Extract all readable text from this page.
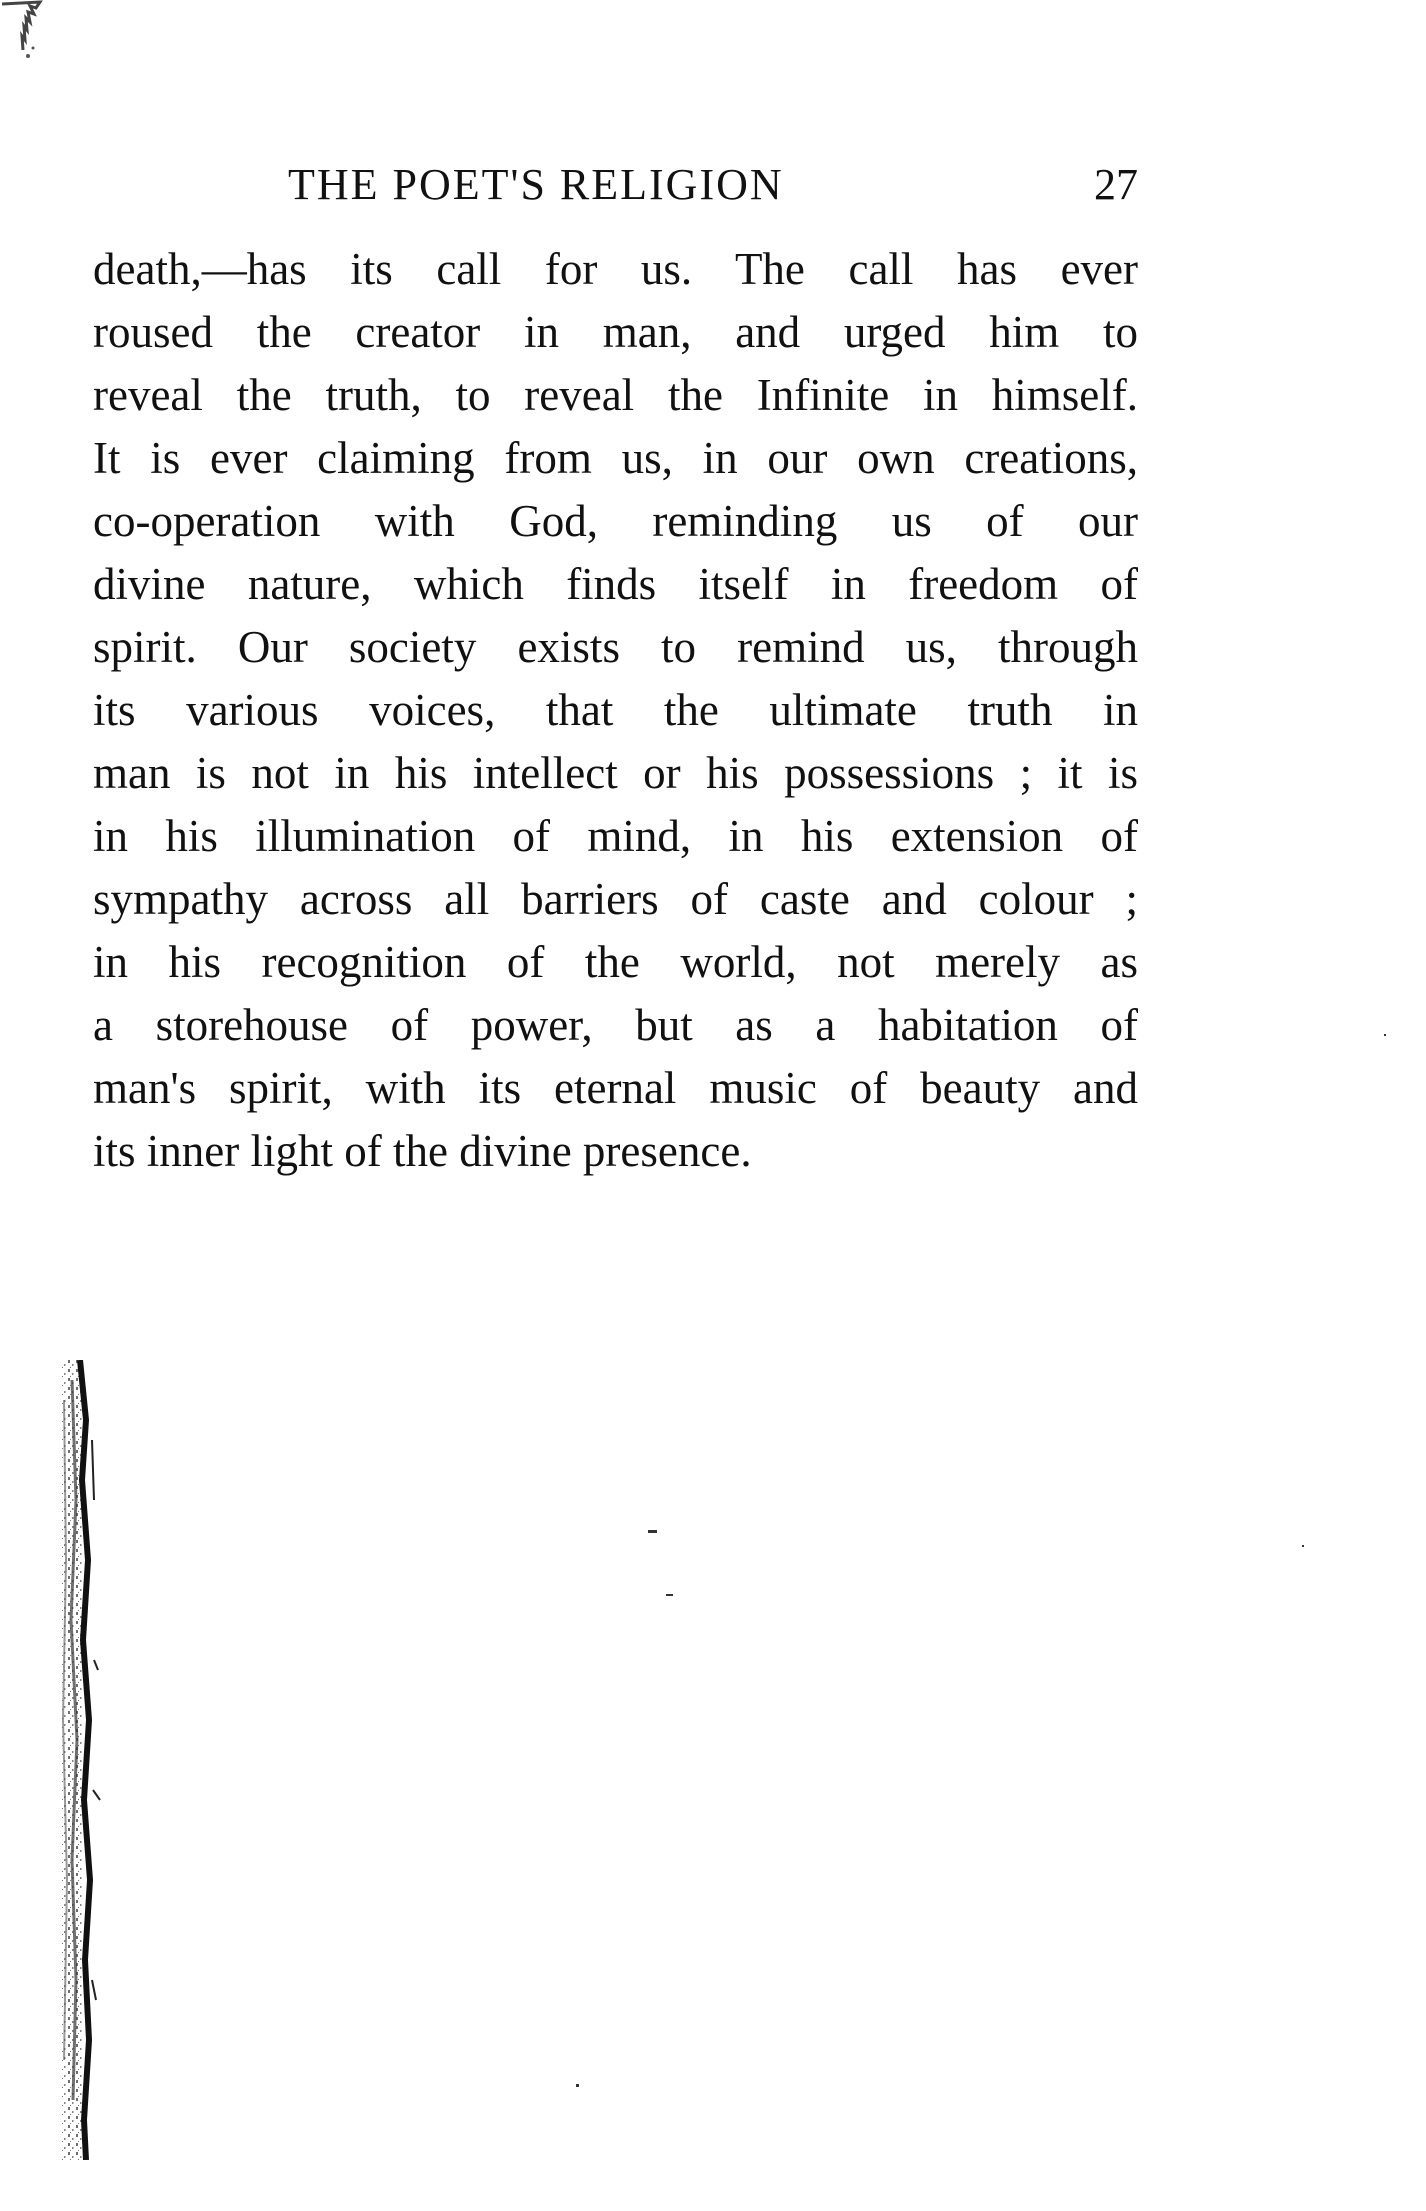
THE POET'S RELIGION	27
death,—has its call for us. The call has ever
roused the creator in man, and urged him to
reveal the truth, to reveal the Infinite in himself.
It is ever claiming from us, in our own creations,
co-operation with God, reminding us of our
divine nature, which finds itself in freedom of
spirit. Our society exists to remind us, through
its various voices, that the ultimate truth in
man is not in his intellect or his possessions ; it is
in his illumination of mind, in his extension of
sympathy across all barriers of caste and colour ;
in his recognition of the world, not merely as
a storehouse of power, but as a habitation of
man's spirit, with its eternal music of beauty and
its inner light of the divine presence.
